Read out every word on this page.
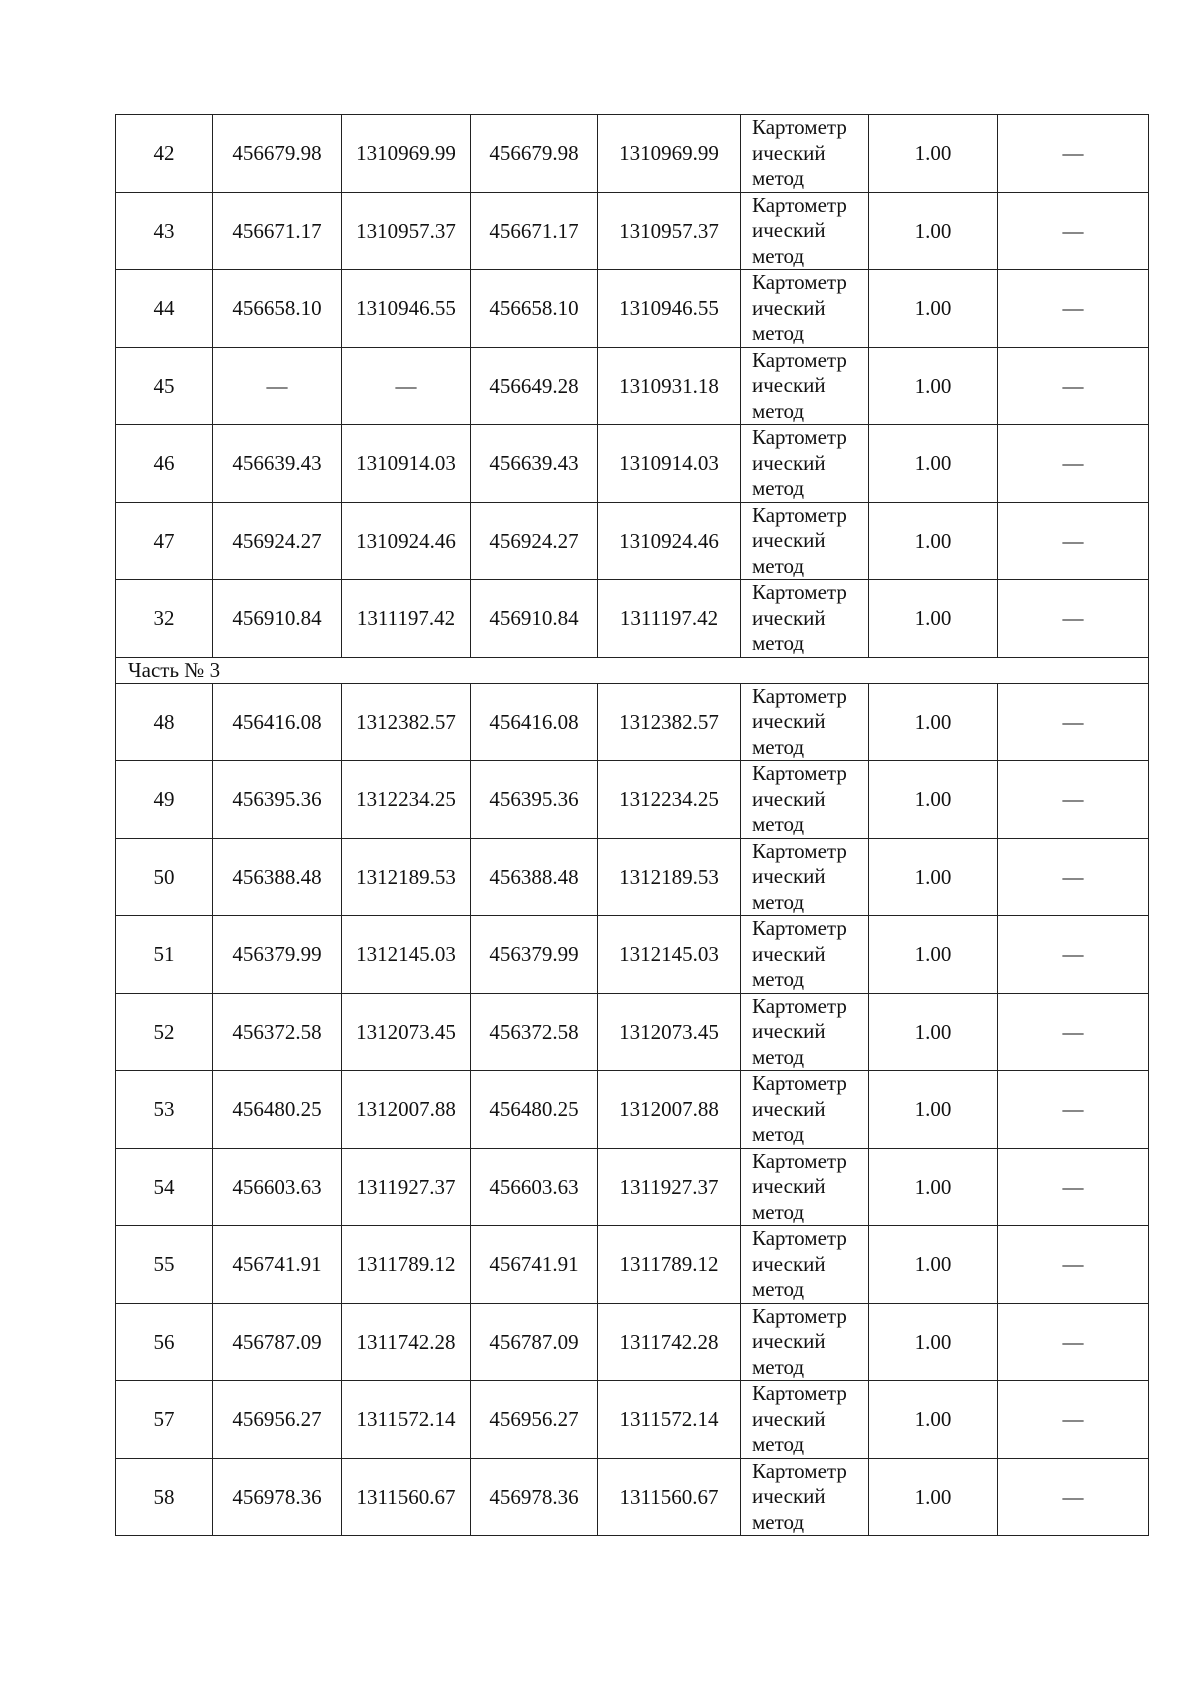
42	456679.98	1310969.99	456679.98	1310969.99	Картометр
ический
метод	1.00	—
43	456671.17	1310957.37	456671.17	1310957.37	Картометр
ический
метод	1.00	—
44	456658.10	1310946.55	456658.10	1310946.55	Картометр
ический
метод	1.00	—
45	—	—	456649.28	1310931.18	Картометр
ический
метод	1.00	—
46	456639.43	1310914.03	456639.43	1310914.03	Картометр
ический
метод	1.00	—
47	456924.27	1310924.46	456924.27	1310924.46	Картометр
ический
метод	1.00	—
32	456910.84	1311197.42	456910.84	1311197.42	Картометр
ический
метод	1.00	—
Часть № 3							
48	456416.08	1312382.57	456416.08	1312382.57	Картометр
ический
метод	1.00	—
49	456395.36	1312234.25	456395.36	1312234.25	Картометр
ический
метод	1.00	—
50	456388.48	1312189.53	456388.48	1312189.53	Картометр
ический
метод	1.00	—
51	456379.99	1312145.03	456379.99	1312145.03	Картометр
ический
метод	1.00	—
52	456372.58	1312073.45	456372.58	1312073.45	Картометр
ический
метод	1.00	—
53	456480.25	1312007.88	456480.25	1312007.88	Картометр
ический
метод	1.00	—
54	456603.63	1311927.37	456603.63	1311927.37	Картометр
ический
метод	1.00	—
55	456741.91	1311789.12	456741.91	1311789.12	Картометр
ический
метод	1.00	—
56	456787.09	1311742.28	456787.09	1311742.28	Картометр
ический
метод	1.00	—
57	456956.27	1311572.14	456956.27	1311572.14	Картометр
ический
метод	1.00	—
58	456978.36	1311560.67	456978.36	1311560.67	Картометр
ический
метод	1.00	—
